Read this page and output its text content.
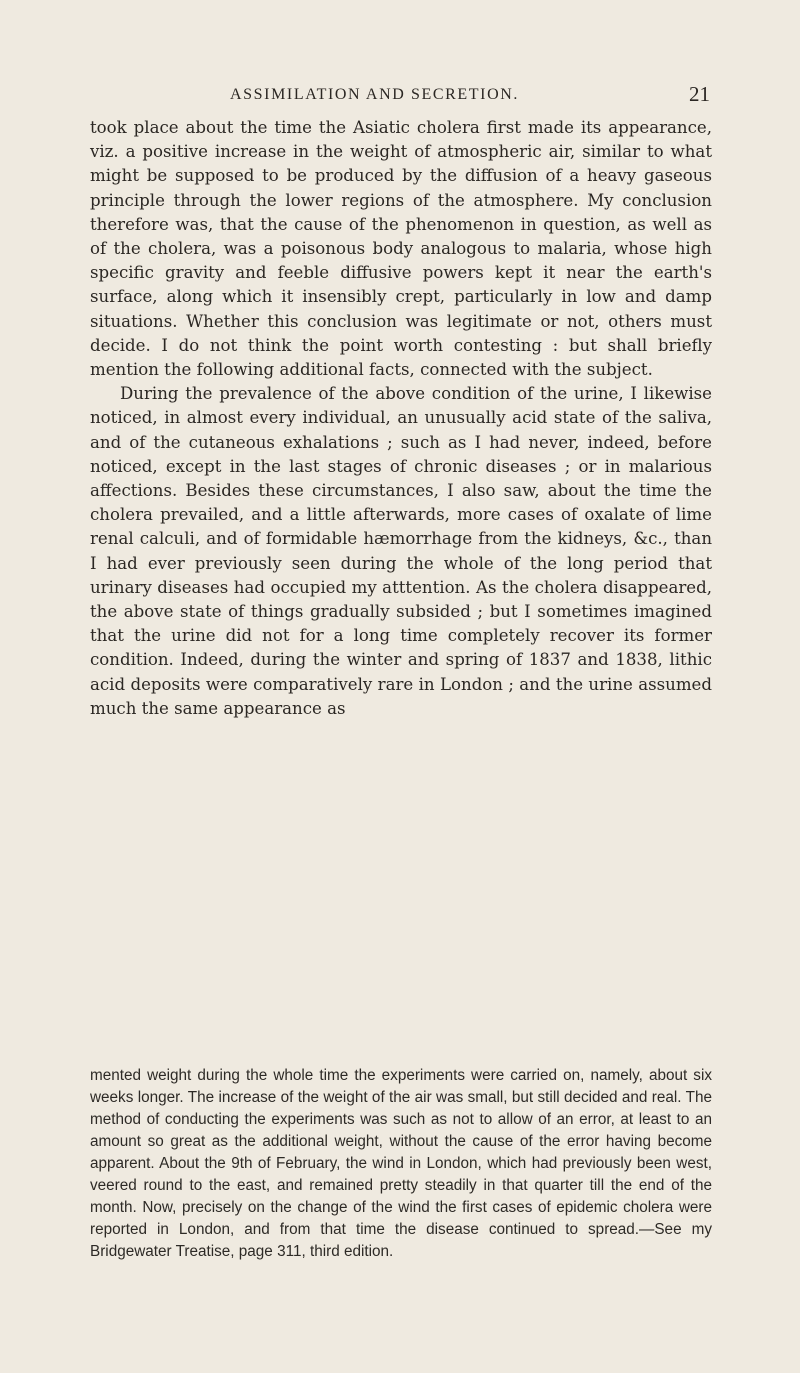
ASSIMILATION AND SECRETION.	21

took place about the time the Asiatic cholera first made its appearance, viz. a positive increase in the weight of atmospheric air, similar to what might be supposed to be produced by the diffusion of a heavy gaseous principle through the lower regions of the atmosphere. My conclusion therefore was, that the cause of the phenomenon in question, as well as of the cholera, was a poisonous body analogous to malaria, whose high specific gravity and feeble diffusive powers kept it near the earth's surface, along which it insensibly crept, particularly in low and damp situations. Whether this conclusion was legitimate or not, others must decide. I do not think the point worth contesting : but shall briefly mention the following additional facts, connected with the subject.

During the prevalence of the above condition of the urine, I likewise noticed, in almost every individual, an unusually acid state of the saliva, and of the cutaneous exhalations ; such as I had never, indeed, before noticed, except in the last stages of chronic diseases ; or in malarious affections. Besides these circumstances, I also saw, about the time the cholera prevailed, and a little afterwards, more cases of oxalate of lime renal calculi, and of formidable hæmorrhage from the kidneys, &c., than I had ever previously seen during the whole of the long period that urinary diseases had occupied my atttention. As the cholera disappeared, the above state of things gradually subsided ; but I sometimes imagined that the urine did not for a long time completely recover its former condition. Indeed, during the winter and spring of 1837 and 1838, lithic acid deposits were comparatively rare in London ; and the urine assumed much the same appearance as

mented weight during the whole time the experiments were carried on, namely, about six weeks longer. The increase of the weight of the air was small, but still decided and real. The method of conducting the experiments was such as not to allow of an error, at least to an amount so great as the additional weight, without the cause of the error having become apparent. About the 9th of February, the wind in London, which had previously been west, veered round to the east, and remained pretty steadily in that quarter till the end of the month. Now, precisely on the change of the wind the first cases of epidemic cholera were reported in London, and from that time the disease continued to spread.—See my Bridgewater Treatise, page 311, third edition.
